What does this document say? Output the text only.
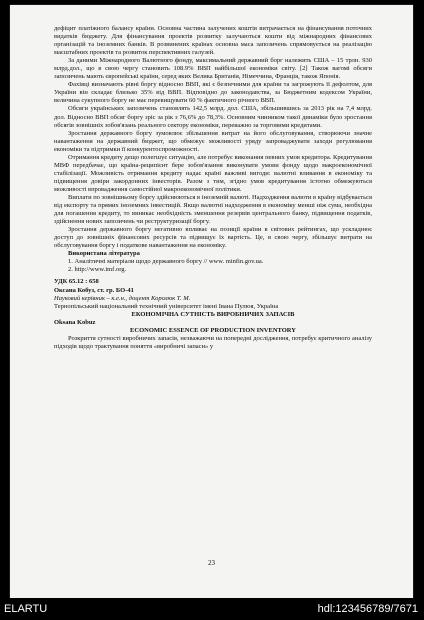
дефіцит платіжного балансу країни. Основна частина залучених коштів витрачається на фінансування поточних видатків бюджету. Для фінансування проектів розвитку залучаються кошти від міжнародних фінансових організацій та іноземних банків. В розвинених країнах основна маса запозичень спрямовується на реалізацію масштабних проектів та розвиток перспективних галузей.

За даними Міжнародного Валютного фонду, максимальний державний борг належить США – 15 трлн. 930 млрд.дол., що в свою чергу становить 108.9% ВВП найбільшої економіки світу. [2] Також вагомі обсяги запозичень мають європейські країни, серед яких Велика Британія, Німеччина, Франція, також Японія.

Фахівці визначають рівні боргу відносно ВВП, які є безпечними для країни та загрожують її дефолтом, для України він складає близько 35% від ВВП. Відповідно до законодавства, за Бюджетним кодексом України, величина сукупного боргу не має перевищувати 60 % фактичного річного ВВП.

Обсяги українських запозичень становлять 142,5 млрд. дол. США, збільшившись за 2013 рік на 7,4 млрд. дол. Відносно ВВП обсяг боргу зріс за рік з 76,6% до 78,3%. Основним чинником такої динаміки було зростання обсягів зовнішніх зобов'язань реального сектору економіки, переважно за торговими кредитами.

Зростання державного боргу зумовлює збільшення витрат на його обслуговування, створюючи значне навантаження на державний бюджет, що обмежує можливості уряду запроваджувати заходи регулювання економіки та підтримки її конкурентоспроможності.

Отримання кредиту дещо полегшує ситуацію, але потребує виконання певних умов кредитора. Кредитування МВФ передбачає, що країна-реципієнт бере зобов'язання виконувати умови фонду щодо макроекономічної стабілізації. Можливість отримання кредиту надає країні важливі вигоди: валютні вливання в економіку та підвищення довіри закордонних інвесторів. Разом з тим, згідно умов кредитування істотно обмежуються можливості впровадження самостійної макроекономічної політики.

Виплати по зовнішньому боргу здійснюються в іноземній валюті. Надходження валюти в країну відбувається від експорту та прямих іноземних інвестицій. Якщо валютні надходження в економіку менші ніж сума, необхідна для погашення кредиту, то виникає необхідність зменшення резервів центрального банку, підвищення податків, здійснення нових запозичень чи реструктуризації боргу.

Зростання державного боргу негативно впливає на позиції країни в світових рейтингах, що ускладнює доступ до зовнішніх фінансових ресурсів та підвищує їх вартість. Це, в свою чергу, збільшує витрати на обслуговування боргу і податкове навантаження на економіку.

Використана література

1. Аналітичні матеріали щодо державного боргу // www. minfin.gov.ua.

2. http://www.imf.org.

УДК 65.12 : 658

Оксана Кобуз, ст. гр. БО-41

Науковий керівник – к.е.н., доцент Королюк Т. М.

Тернопільський національний технічний університет імені Івана Пулюя, Україна

ЕКОНОМІЧНА СУТНІСТЬ ВИРОБНИЧИХ ЗАПАСІВ

Oksana Kobuz

ECONOMIC ESSENCE OF PRODUCTION INVENTORY

Розкриття сутності виробничих запасів, незважаючи на попередні дослідження, потребує критичного аналізу підходів щодо трактування поняття «виробничі запаси» у

23
ELARTU	hdl:123456789/7671
